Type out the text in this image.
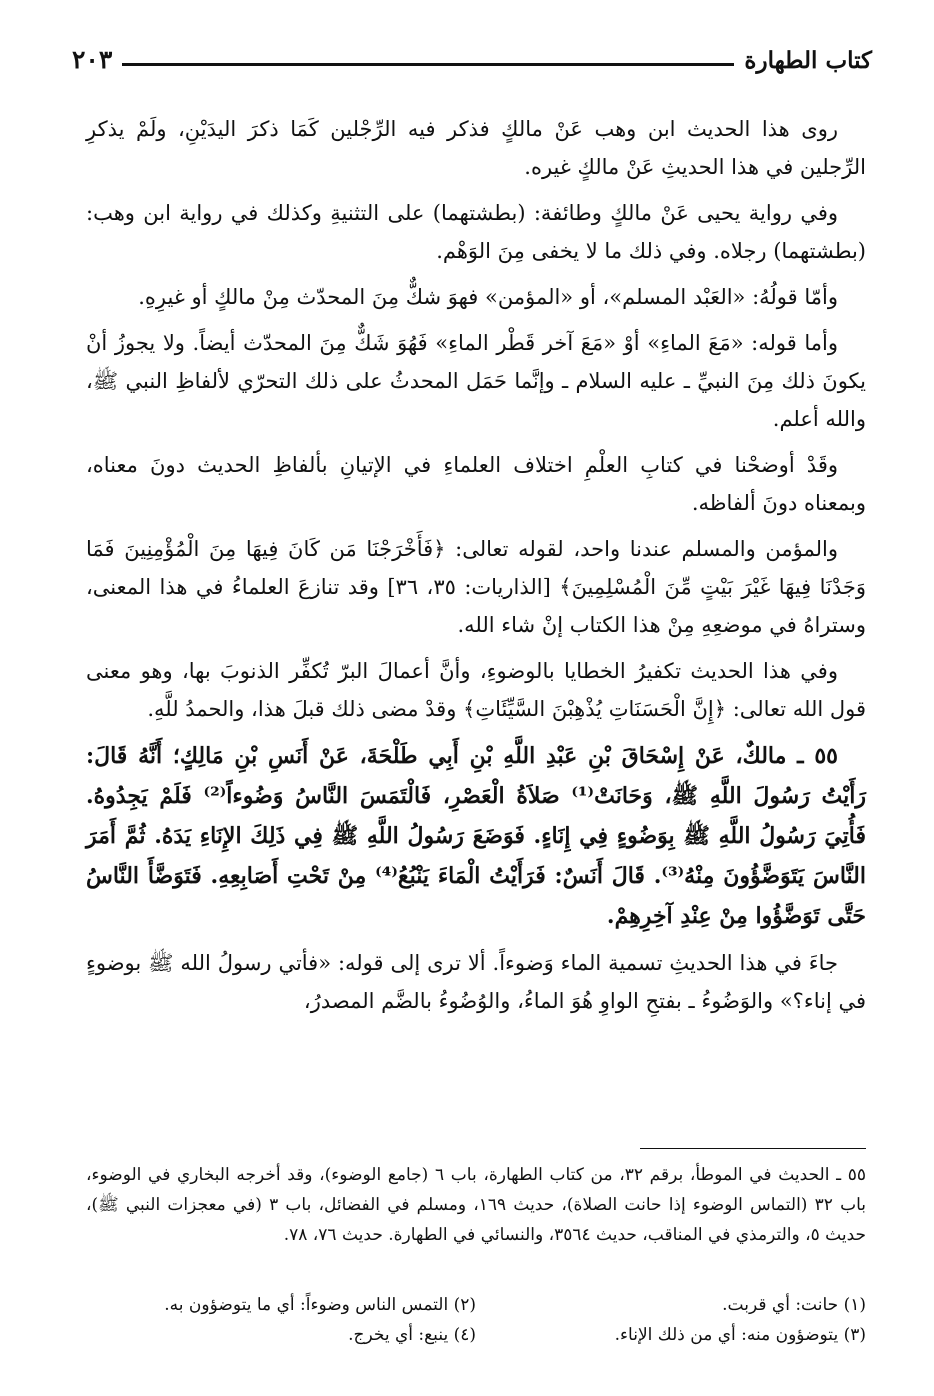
كتاب الطهارة
٢٠٣

روى هذا الحديث ابن وهب عَنْ مالكٍ فذكر فيه الرِّجْلين كَمَا ذكرَ اليدَيْنِ، ولَمْ يذكرِ الرِّجلين في هذا الحديثِ عَنْ مالكٍ غيره.

وفي رواية يحيى عَنْ مالكٍ وطائفة: (بطشتهما) على التثنيةِ وكذلك في رواية ابن وهب: (بطشتهما) رجلاه. وفي ذلك ما لا يخفى مِنَ الوَهْم.

وأمّا قولُهُ: «العَبْد المسلم»، أو «المؤمن» فهوَ شكٌّ مِنَ المحدّث مِنْ مالكٍ أو غيرِهِ.

وأما قوله: «مَعَ الماءِ» أوْ «مَعَ آخر قَطْر الماءِ» فَهُوَ شَكٌّ مِنَ المحدّث أيضاً. ولا يجوزُ أنْ يكونَ ذلك مِنَ النبيِّ ـ عليه السلام ـ وإنَّما حَمَل المحدثُ على ذلك التحرّي لألفاظِ النبي ﷺ، والله أعلم.

وقَدْ أوضحْنا في كتابِ العلْمِ اختلاف العلماءِ في الإتيانِ بألفاظِ الحديث دونَ معناه، وبمعناه دونَ ألفاظه.

والمؤمن والمسلم عندنا واحد، لقوله تعالى: ﴿فَأَخْرَجْنَا مَن كَانَ فِيهَا مِنَ الْمُؤْمِنِينَ فَمَا وَجَدْنَا فِيهَا غَيْرَ بَيْتٍ مِّنَ الْمُسْلِمِينَ﴾ [الذاريات: ٣٥، ٣٦] وقد تنازعَ العلماءُ في هذا المعنى، وستراهُ في موضعِهِ مِنْ هذا الكتاب إنْ شاء الله.

وفي هذا الحديث تكفيرُ الخطايا بالوضوءِ، وأنَّ أعمالَ البرّ تُكفِّر الذنوبَ بها، وهو معنى قول الله تعالى: ﴿إِنَّ الْحَسَنَاتِ يُذْهِبْنَ السَّيِّئَاتِ﴾ وقدْ مضى ذلك قبلَ هذا، والحمدُ للَّهِ.

٥٥ ـ مالكٌ، عَنْ إِسْحَاقَ بْنِ عَبْدِ اللَّهِ بْنِ أَبِي طَلْحَةَ، عَنْ أَنَسِ بْنِ مَالِكٍ؛ أَنَّهُ قَالَ: رَأَيْتُ رَسُولَ اللَّهِ ﷺ، وَحَانَتْ⁽¹⁾ صَلاَةُ الْعَصْرِ، فَالْتَمَسَ النَّاسُ وَضُوءاً⁽²⁾ فَلَمْ يَجِدُوهُ. فَأُتِيَ رَسُولُ اللَّهِ ﷺ بِوَضُوءٍ فِي إِنَاءٍ. فَوَضَعَ رَسُولُ اللَّهِ ﷺ فِي ذَلِكَ الإِنَاءِ يَدَهُ. ثُمَّ أَمَرَ النَّاسَ يَتَوَضَّؤُونَ مِنْهُ⁽³⁾. قَالَ أَنَسٌ: فَرَأَيْتُ الْمَاءَ يَنْبُعُ⁽⁴⁾ مِنْ تَحْتِ أَصَابِعِهِ. فَتَوَضَّأَ النَّاسُ حَتَّى تَوَضَّؤُوا مِنْ عِنْدِ آخِرِهِمْ.

جاءَ في هذا الحديثِ تسمية الماء وَضوءاً. ألا ترى إلى قوله: «فأتي رسولُ الله ﷺ بوضوءٍ في إناء؟» والوَضُوءُ ـ بفتحِ الواوِ هُوَ الماءُ، والوُضُوءُ بالضَّم المصدرُ،

٥٥ ـ الحديث في الموطأ، برقم ٣٢، من كتاب الطهارة، باب ٦ (جامع الوضوء)، وقد أخرجه البخاري في الوضوء، باب ٣٢ (التماس الوضوء إذا حانت الصلاة)، حديث ١٦٩، ومسلم في الفضائل، باب ٣ (في معجزات النبي ﷺ)، حديث ٥، والترمذي في المناقب، حديث ٣٥٦٤، والنسائي في الطهارة. حديث ٧٦، ٧٨.

(١) حانت: أي قربت.
(٢) التمس الناس وضوءاً: أي ما يتوضؤون به.
(٣) يتوضؤون منه: أي من ذلك الإناء.
(٤) ينبع: أي يخرج.
